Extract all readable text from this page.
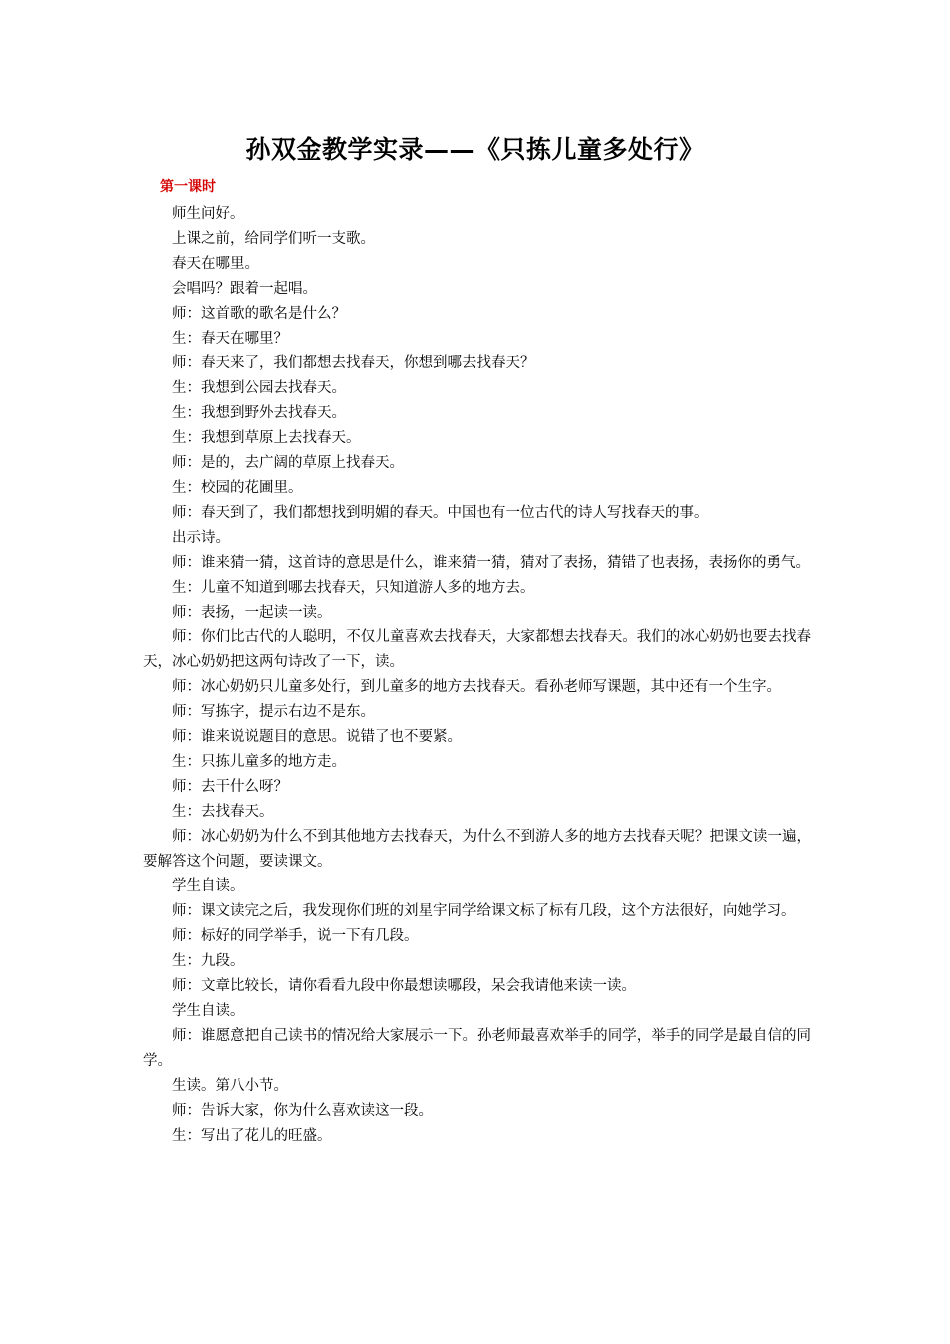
孙双金教学实录——《只拣儿童多处行》
第一课时

师生问好。

上课之前，给同学们听一支歌。

春天在哪里。

会唱吗？跟着一起唱。

师：这首歌的歌名是什么？

生：春天在哪里？

师：春天来了，我们都想去找春天，你想到哪去找春天？

生：我想到公园去找春天。

生：我想到野外去找春天。

生：我想到草原上去找春天。

师：是的，去广阔的草原上找春天。

生：校园的花圃里。

师：春天到了，我们都想找到明媚的春天。中国也有一位古代的诗人写找春天的事。

出示诗。

师：谁来猜一猜，这首诗的意思是什么，谁来猜一猜，猜对了表扬，猜错了也表扬，表扬你的勇气。

生：儿童不知道到哪去找春天，只知道游人多的地方去。

师：表扬，一起读一读。

师：你们比古代的人聪明，不仅儿童喜欢去找春天，大家都想去找春天。我们的冰心奶奶也要去找春天，冰心奶奶把这两句诗改了一下，读。

师：冰心奶奶只儿童多处行，到儿童多的地方去找春天。看孙老师写课题，其中还有一个生字。

师：写拣字，提示右边不是东。

师：谁来说说题目的意思。说错了也不要紧。

生：只拣儿童多的地方走。

师：去干什么呀？

生：去找春天。

师：冰心奶奶为什么不到其他地方去找春天，为什么不到游人多的地方去找春天呢？把课文读一遍，要解答这个问题，要读课文。

学生自读。

师：课文读完之后，我发现你们班的刘星宇同学给课文标了标有几段，这个方法很好，向她学习。

师：标好的同学举手，说一下有几段。

生：九段。

师：文章比较长，请你看看九段中你最想读哪段，呆会我请他来读一读。

学生自读。

师：谁愿意把自己读书的情况给大家展示一下。孙老师最喜欢举手的同学，举手的同学是最自信的同学。

生读。第八小节。

师：告诉大家，你为什么喜欢读这一段。

生：写出了花儿的旺盛。
